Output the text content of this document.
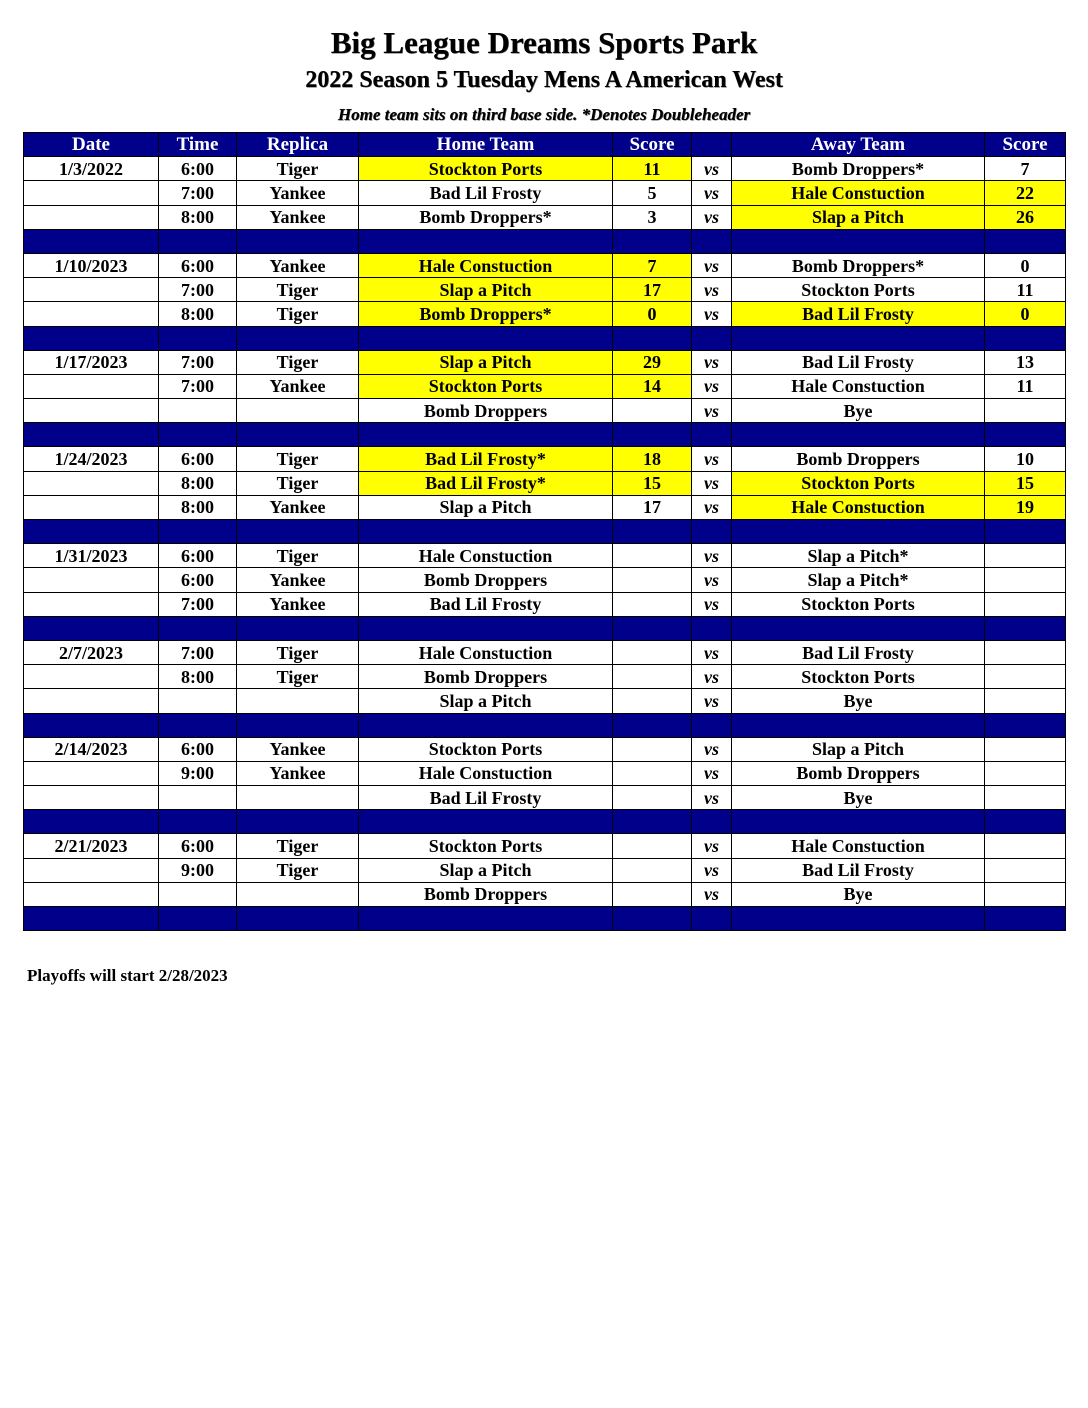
Big League Dreams Sports Park
2022 Season 5 Tuesday Mens A American West
Home team sits on third base side. *Denotes Doubleheader
Date	Time	Replica	Home Team	Score		Away Team	Score
1/3/2022	6:00	Tiger	Stockton Ports	11	vs	Bomb Droppers*	7
	7:00	Yankee	Bad Lil Frosty	5	vs	Hale Constuction	22
	8:00	Yankee	Bomb Droppers*	3	vs	Slap a Pitch	26

1/10/2023	6:00	Yankee	Hale Constuction	7	vs	Bomb Droppers*	0
	7:00	Tiger	Slap a Pitch	17	vs	Stockton Ports	11
	8:00	Tiger	Bomb Droppers*	0	vs	Bad Lil Frosty	0

1/17/2023	7:00	Tiger	Slap a Pitch	29	vs	Bad Lil Frosty	13
	7:00	Yankee	Stockton Ports	14	vs	Hale Constuction	11
			Bomb Droppers		vs	Bye	

1/24/2023	6:00	Tiger	Bad Lil Frosty*	18	vs	Bomb Droppers	10
	8:00	Tiger	Bad Lil Frosty*	15	vs	Stockton Ports	15
	8:00	Yankee	Slap a Pitch	17	vs	Hale Constuction	19

1/31/2023	6:00	Tiger	Hale Constuction		vs	Slap a Pitch*	
	6:00	Yankee	Bomb Droppers		vs	Slap a Pitch*	
	7:00	Yankee	Bad Lil Frosty		vs	Stockton Ports	

2/7/2023	7:00	Tiger	Hale Constuction		vs	Bad Lil Frosty	
	8:00	Tiger	Bomb Droppers		vs	Stockton Ports	
			Slap a Pitch		vs	Bye	

2/14/2023	6:00	Yankee	Stockton Ports		vs	Slap a Pitch	
	9:00	Yankee	Hale Constuction		vs	Bomb Droppers	
			Bad Lil Frosty		vs	Bye	

2/21/2023	6:00	Tiger	Stockton Ports		vs	Hale Constuction	
	9:00	Tiger	Slap a Pitch		vs	Bad Lil Frosty	
			Bomb Droppers		vs	Bye	

Playoffs will start 2/28/2023
